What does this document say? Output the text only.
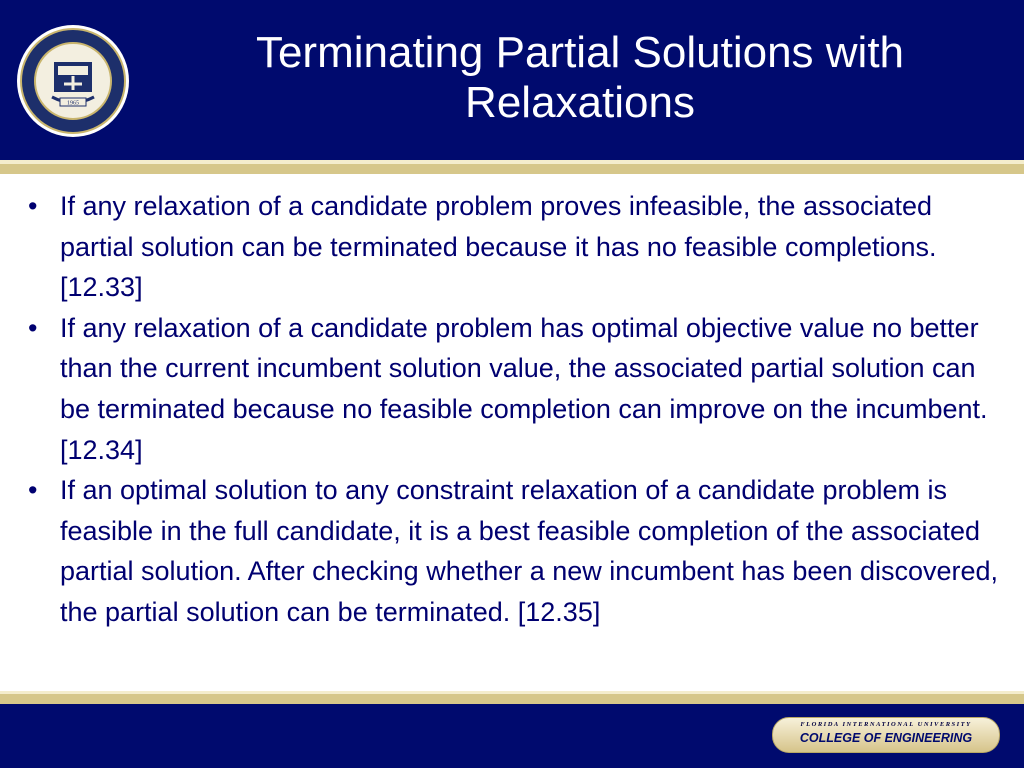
1965
Terminating Partial Solutions with Relaxations
• If any relaxation of a candidate problem proves infeasible, the associated partial solution can be terminated because it has no feasible completions. [12.33]
• If any relaxation of a candidate problem has optimal objective value no better than the current incumbent solution value, the associated partial solution can be terminated because no feasible completion can improve on the incumbent. [12.34]
• If an optimal solution to any constraint relaxation of a candidate problem is feasible in the full candidate, it is a best feasible completion of the associated partial solution. After checking whether a new incumbent has been discovered, the partial solution can be terminated. [12.35]
FLORIDA INTERNATIONAL UNIVERSITY
COLLEGE OF ENGINEERING
